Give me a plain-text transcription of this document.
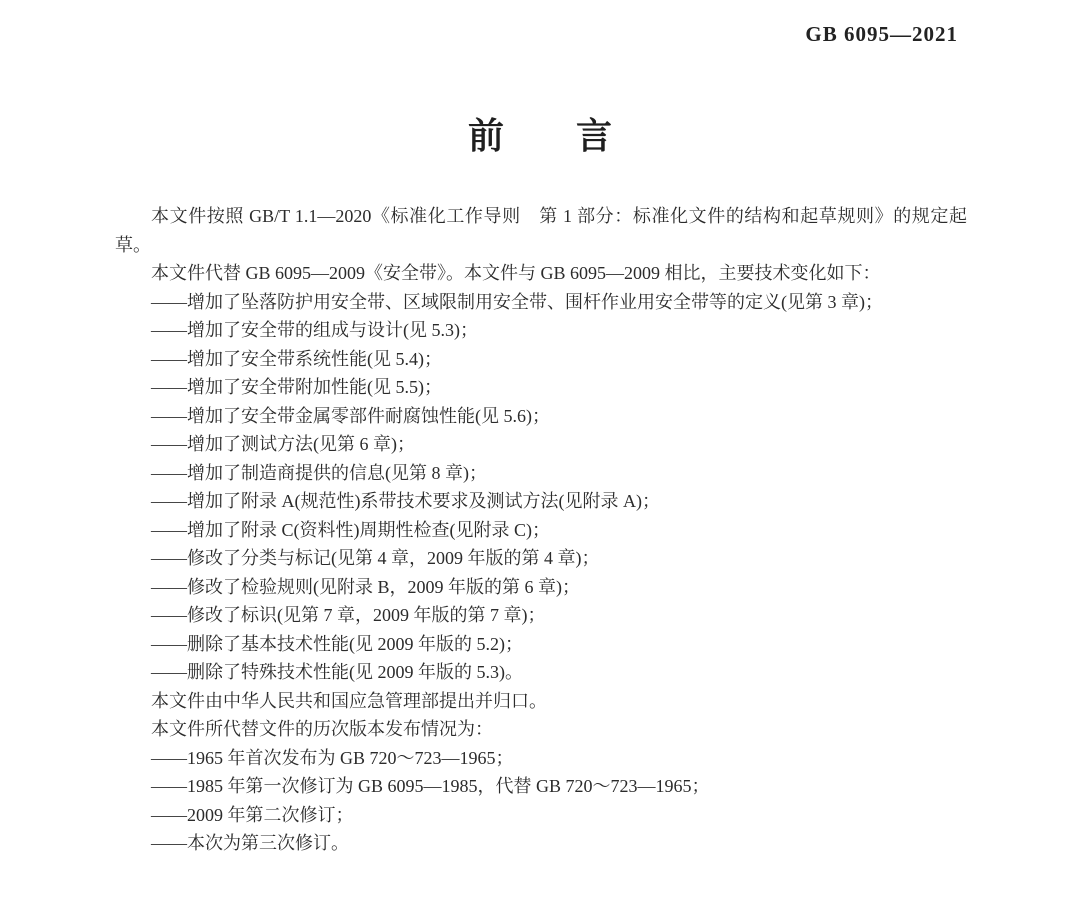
GB 6095—2021
前　　言

本文件按照 GB/T 1.1—2020《标准化工作导则　第 1 部分：标准化文件的结构和起草规则》的规定起草。

本文件代替 GB 6095—2009《安全带》。本文件与 GB 6095—2009 相比，主要技术变化如下：

——增加了坠落防护用安全带、区域限制用安全带、围杆作业用安全带等的定义(见第 3 章)；

——增加了安全带的组成与设计(见 5.3)；

——增加了安全带系统性能(见 5.4)；

——增加了安全带附加性能(见 5.5)；

——增加了安全带金属零部件耐腐蚀性能(见 5.6)；

——增加了测试方法(见第 6 章)；

——增加了制造商提供的信息(见第 8 章)；

——增加了附录 A(规范性)系带技术要求及测试方法(见附录 A)；

——增加了附录 C(资料性)周期性检查(见附录 C)；

——修改了分类与标记(见第 4 章，2009 年版的第 4 章)；

——修改了检验规则(见附录 B，2009 年版的第 6 章)；

——修改了标识(见第 7 章，2009 年版的第 7 章)；

——删除了基本技术性能(见 2009 年版的 5.2)；

——删除了特殊技术性能(见 2009 年版的 5.3)。

本文件由中华人民共和国应急管理部提出并归口。

本文件所代替文件的历次版本发布情况为：

——1965 年首次发布为 GB 720～723—1965；

——1985 年第一次修订为 GB 6095—1985，代替 GB 720～723—1965；

——2009 年第二次修订；

——本次为第三次修订。
